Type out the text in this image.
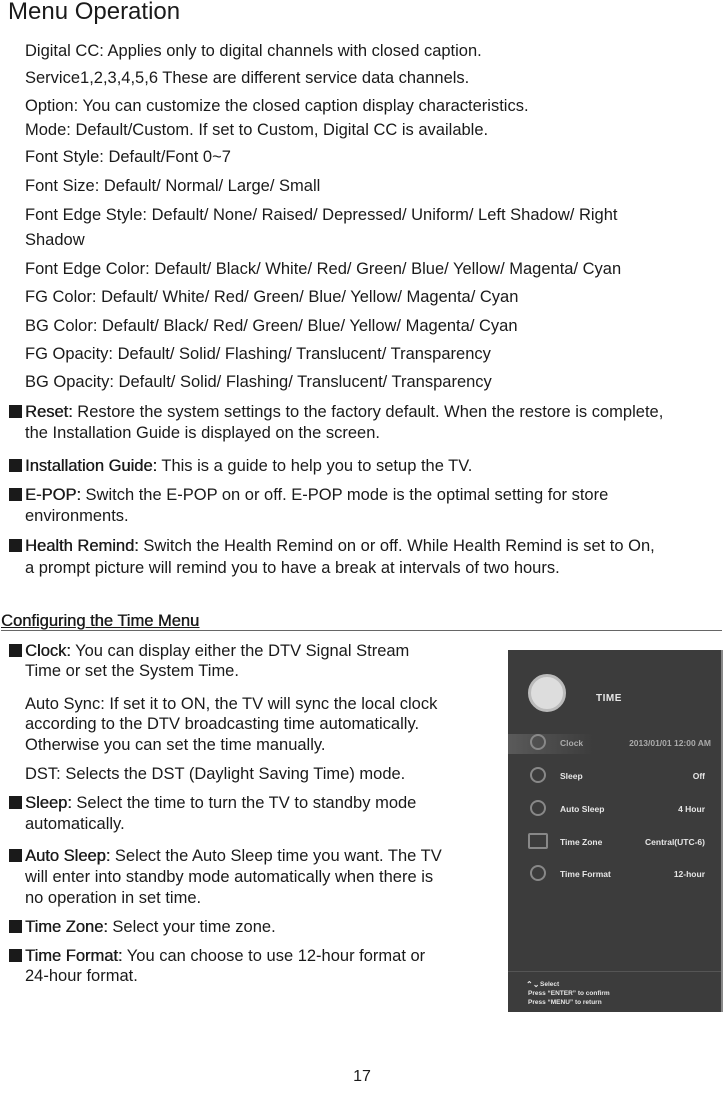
Menu Operation
Digital CC: Applies only to digital channels with closed caption.
Service1,2,3,4,5,6 These are different service data channels.
Option: You can customize the closed caption display characteristics.
Mode: Default/Custom. If set to Custom, Digital CC is available.
Font Style: Default/Font 0~7
Font Size: Default/ Normal/ Large/ Small
Font Edge Style: Default/ None/ Raised/ Depressed/ Uniform/ Left Shadow/ Right
Shadow
Font Edge Color: Default/ Black/ White/ Red/ Green/ Blue/ Yellow/ Magenta/ Cyan
FG Color: Default/ White/ Red/ Green/ Blue/ Yellow/ Magenta/ Cyan
BG Color: Default/ Black/ Red/ Green/ Blue/ Yellow/ Magenta/ Cyan
FG Opacity: Default/ Solid/ Flashing/ Translucent/ Transparency
BG Opacity: Default/ Solid/ Flashing/ Translucent/ Transparency
Reset: Restore the system settings to the factory default. When the restore is complete,
the Installation Guide is displayed on the screen.
Installation Guide: This is a guide to help you to setup the TV.
E-POP: Switch the E-POP on or off. E-POP mode is the optimal setting for store
environments.
Health Remind: Switch the Health Remind on or off. While Health Remind is set to On,
a prompt picture will remind you to have a break at intervals of two hours.
Configuring the Time Menu
Clock: You can display either the DTV Signal Stream
Time or set the System Time.
Auto Sync: If set it to ON, the TV will sync the local clock
according to the DTV broadcasting time automatically.
Otherwise you can set the time manually.
DST: Selects the DST (Daylight Saving Time) mode.
Sleep: Select the time to turn the TV to standby mode
automatically.
Auto Sleep: Select the Auto Sleep time you want. The TV
will enter into standby mode automatically when there is
no operation in set time.
Time Zone: Select your time zone.
Time Format: You can choose to use 12-hour format or
24-hour format.
TIME
Clock	2013/01/01 12:00 AM
Sleep	Off
Auto Sleep	4 Hour
Time Zone	Central(UTC-6)
Time Format	12-hour
Select
⌃⌄
Press “ENTER” to confirm
Press “MENU” to return
17
